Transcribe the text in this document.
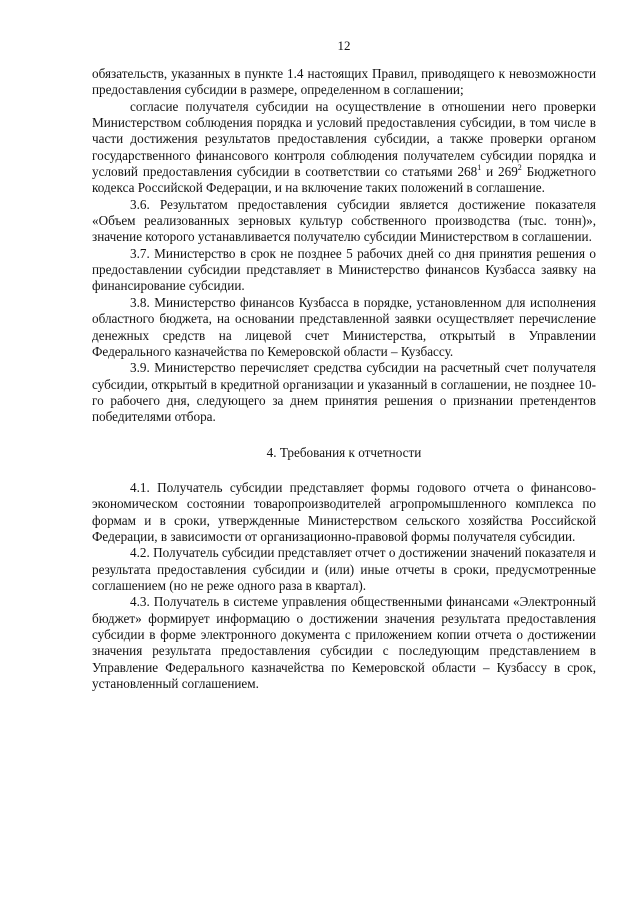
12

обязательств, указанных в пункте 1.4 настоящих Правил, приводящего к невозможности предоставления субсидии в размере, определенном в соглашении;

согласие получателя субсидии на осуществление в отношении него проверки Министерством соблюдения порядка и условий предоставления субсидии, в том числе в части достижения результатов предоставления субсидии, а также проверки органом государственного финансового контроля соблюдения получателем субсидии порядка и условий предоставления субсидии в соответствии со статьями $268^1$ и $269^2$ Бюджетного кодекса Российской Федерации, и на включение таких положений в соглашение.

3.6. Результатом предоставления субсидии является достижение показателя «Объем реализованных зерновых культур собственного производства (тыс. тонн)», значение которого устанавливается получателю субсидии Министерством в соглашении.

3.7. Министерство в срок не позднее 5 рабочих дней со дня принятия решения о предоставлении субсидии представляет в Министерство финансов Кузбасса заявку на финансирование субсидии.

3.8. Министерство финансов Кузбасса в порядке, установленном для исполнения областного бюджета, на основании представленной заявки осуществляет перечисление денежных средств на лицевой счет Министерства, открытый в Управлении Федерального казначейства по Кемеровской области – Кузбассу.

3.9. Министерство перечисляет средства субсидии на расчетный счет получателя субсидии, открытый в кредитной организации и указанный в соглашении, не позднее 10-го рабочего дня, следующего за днем принятия решения о признании претендентов победителями отбора.

4. Требования к отчетности

4.1. Получатель субсидии представляет формы годового отчета о финансово-экономическом состоянии товаропроизводителей агропромышленного комплекса по формам и в сроки, утвержденные Министерством сельского хозяйства Российской Федерации, в зависимости от организационно-правовой формы получателя субсидии.

4.2. Получатель субсидии представляет отчет о достижении значений показателя и результата предоставления субсидии и (или) иные отчеты в сроки, предусмотренные соглашением (но не реже одного раза в квартал).

4.3. Получатель в системе управления общественными финансами «Электронный бюджет» формирует информацию о достижении значения результата предоставления субсидии в форме электронного документа с приложением копии отчета о достижении значения результата предоставления субсидии с последующим представлением в Управление Федерального казначейства по Кемеровской области – Кузбассу в срок, установленный соглашением.
